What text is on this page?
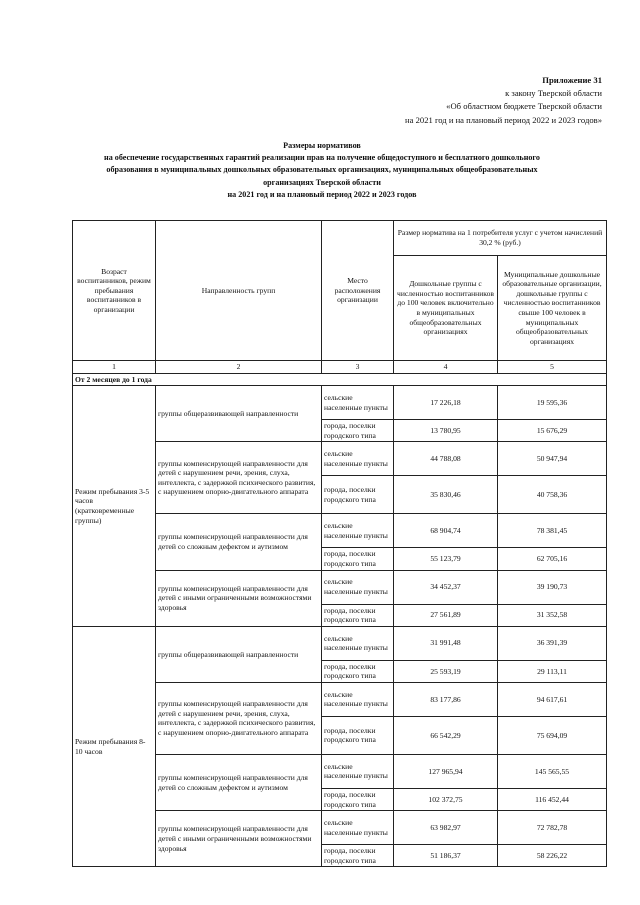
Приложение 31
к закону Тверской области
«Об областном бюджете Тверской области
на 2021 год и на плановый период 2022 и 2023 годов»
Размеры нормативов
на обеспечение государственных гарантий реализации прав на получение общедоступного и бесплатного дошкольного
образования в муниципальных дошкольных образовательных организациях, муниципальных общеобразовательных
организациях Тверской области
на 2021 год и на плановый период 2022 и 2023 годов
Возраст воспитанников, режим пребывания воспитанников в организации	Направленность групп	Место расположения организации	Размер норматива на 1 потребителя услуг с учетом начислений 30,2 % (руб.)	
			Дошкольные группы с численностью воспитанников до 100 человек включительно в муниципальных общеобразовательных организациях	Муниципальные дошкольные образовательные организации, дошкольные группы с численностью воспитанников свыше 100 человек в муниципальных общеобразовательных организациях
1	2	3	4	5
От 2 месяцев до 1 года				
Режим пребывания 3-5 часов (кратковременные группы)	группы общеразвивающей направленности	сельские населенные пункты	17 226,18	19 595,36
		города, поселки городского типа	13 780,95	15 676,29
	группы компенсирующей направленности для детей с нарушением речи, зрения, слуха, интеллекта, с задержкой психического развития, с нарушением опорно-двигательного аппарата	сельские населенные пункты	44 788,08	50 947,94
		города, поселки городского типа	35 830,46	40 758,36
	группы компенсирующей направленности для детей со сложным дефектом и аутизмом	сельские населенные пункты	68 904,74	78 381,45
		города, поселки городского типа	55 123,79	62 705,16
	группы компенсирующей направленности для детей с иными ограниченными возможностями здоровья	сельские населенные пункты	34 452,37	39 190,73
		города, поселки городского типа	27 561,89	31 352,58
Режим пребывания 8- 10 часов	группы общеразвивающей направленности	сельские населенные пункты	31 991,48	36 391,39
		города, поселки городского типа	25 593,19	29 113,11
	группы компенсирующей направленности для детей с нарушением речи, зрения, слуха, интеллекта, с задержкой психического развития, с нарушением опорно-двигательного аппарата	сельские населенные пункты	83 177,86	94 617,61
		города, поселки городского типа	66 542,29	75 694,09
	группы компенсирующей направленности для детей со сложным дефектом и аутизмом	сельские населенные пункты	127 965,94	145 565,55
		города, поселки городского типа	102 372,75	116 452,44
	группы компенсирующей направленности для детей с иными ограниченными возможностями здоровья	сельские населенные пункты	63 982,97	72 782,78
		города, поселки городского типа	51 186,37	58 226,22
